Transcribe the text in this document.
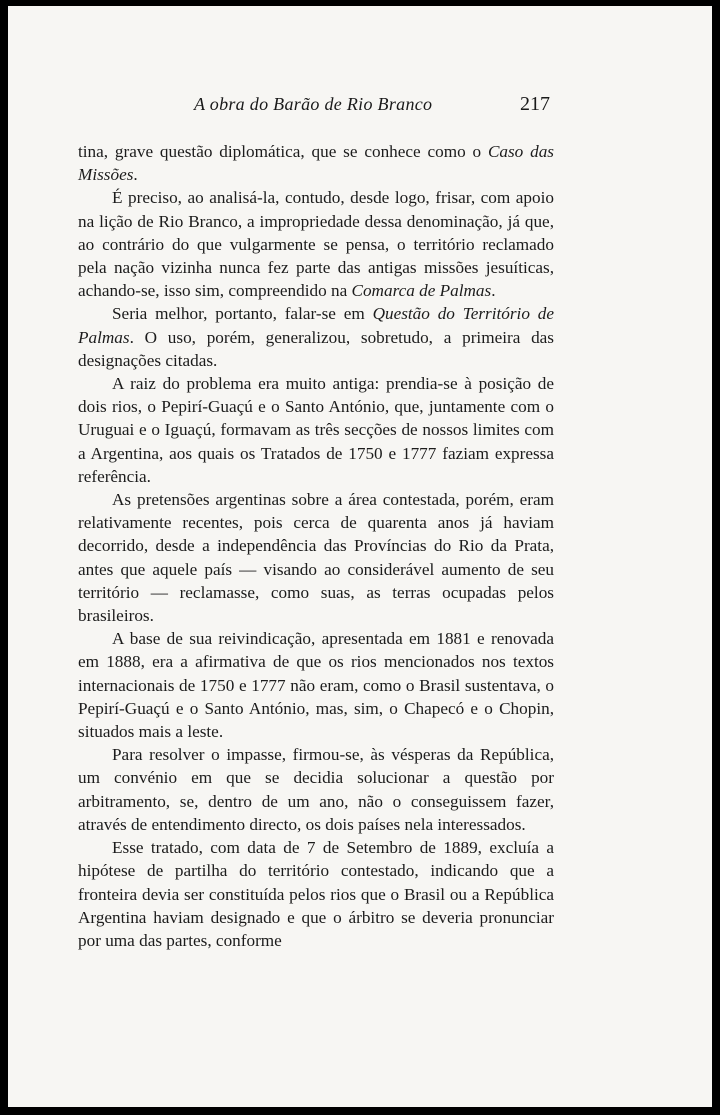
A obra do Barão de Rio Branco	217

tina, grave questão diplomática, que se conhece como o Caso das Missões.

É preciso, ao analisá-la, contudo, desde logo, frisar, com apoio na lição de Rio Branco, a impropriedade dessa denominação, já que, ao contrário do que vulgarmente se pensa, o território reclamado pela nação vizinha nunca fez parte das antigas missões jesuíticas, achando-se, isso sim, compreendido na Comarca de Palmas.

Seria melhor, portanto, falar-se em Questão do Território de Palmas. O uso, porém, generalizou, sobretudo, a primeira das designações citadas.

A raiz do problema era muito antiga: prendia-se à posição de dois rios, o Pepirí-Guaçú e o Santo António, que, juntamente com o Uruguai e o Iguaçú, formavam as três secções de nossos limites com a Argentina, aos quais os Tratados de 1750 e 1777 faziam expressa referência.

As pretensões argentinas sobre a área contestada, porém, eram relativamente recentes, pois cerca de quarenta anos já haviam decorrido, desde a independência das Províncias do Rio da Prata, antes que aquele país — visando ao considerável aumento de seu território — reclamasse, como suas, as terras ocupadas pelos brasileiros.

A base de sua reivindicação, apresentada em 1881 e renovada em 1888, era a afirmativa de que os rios mencionados nos textos internacionais de 1750 e 1777 não eram, como o Brasil sustentava, o Pepirí-Guaçú e o Santo António, mas, sim, o Chapecó e o Chopin, situados mais a leste.

Para resolver o impasse, firmou-se, às vésperas da República, um convénio em que se decidia solucionar a questão por arbitramento, se, dentro de um ano, não o conseguissem fazer, através de entendimento directo, os dois países nela interessados.

Esse tratado, com data de 7 de Setembro de 1889, excluía a hipótese de partilha do território contestado, indicando que a fronteira devia ser constituída pelos rios que o Brasil ou a República Argentina haviam designado e que o árbitro se deveria pronunciar por uma das partes, conforme
